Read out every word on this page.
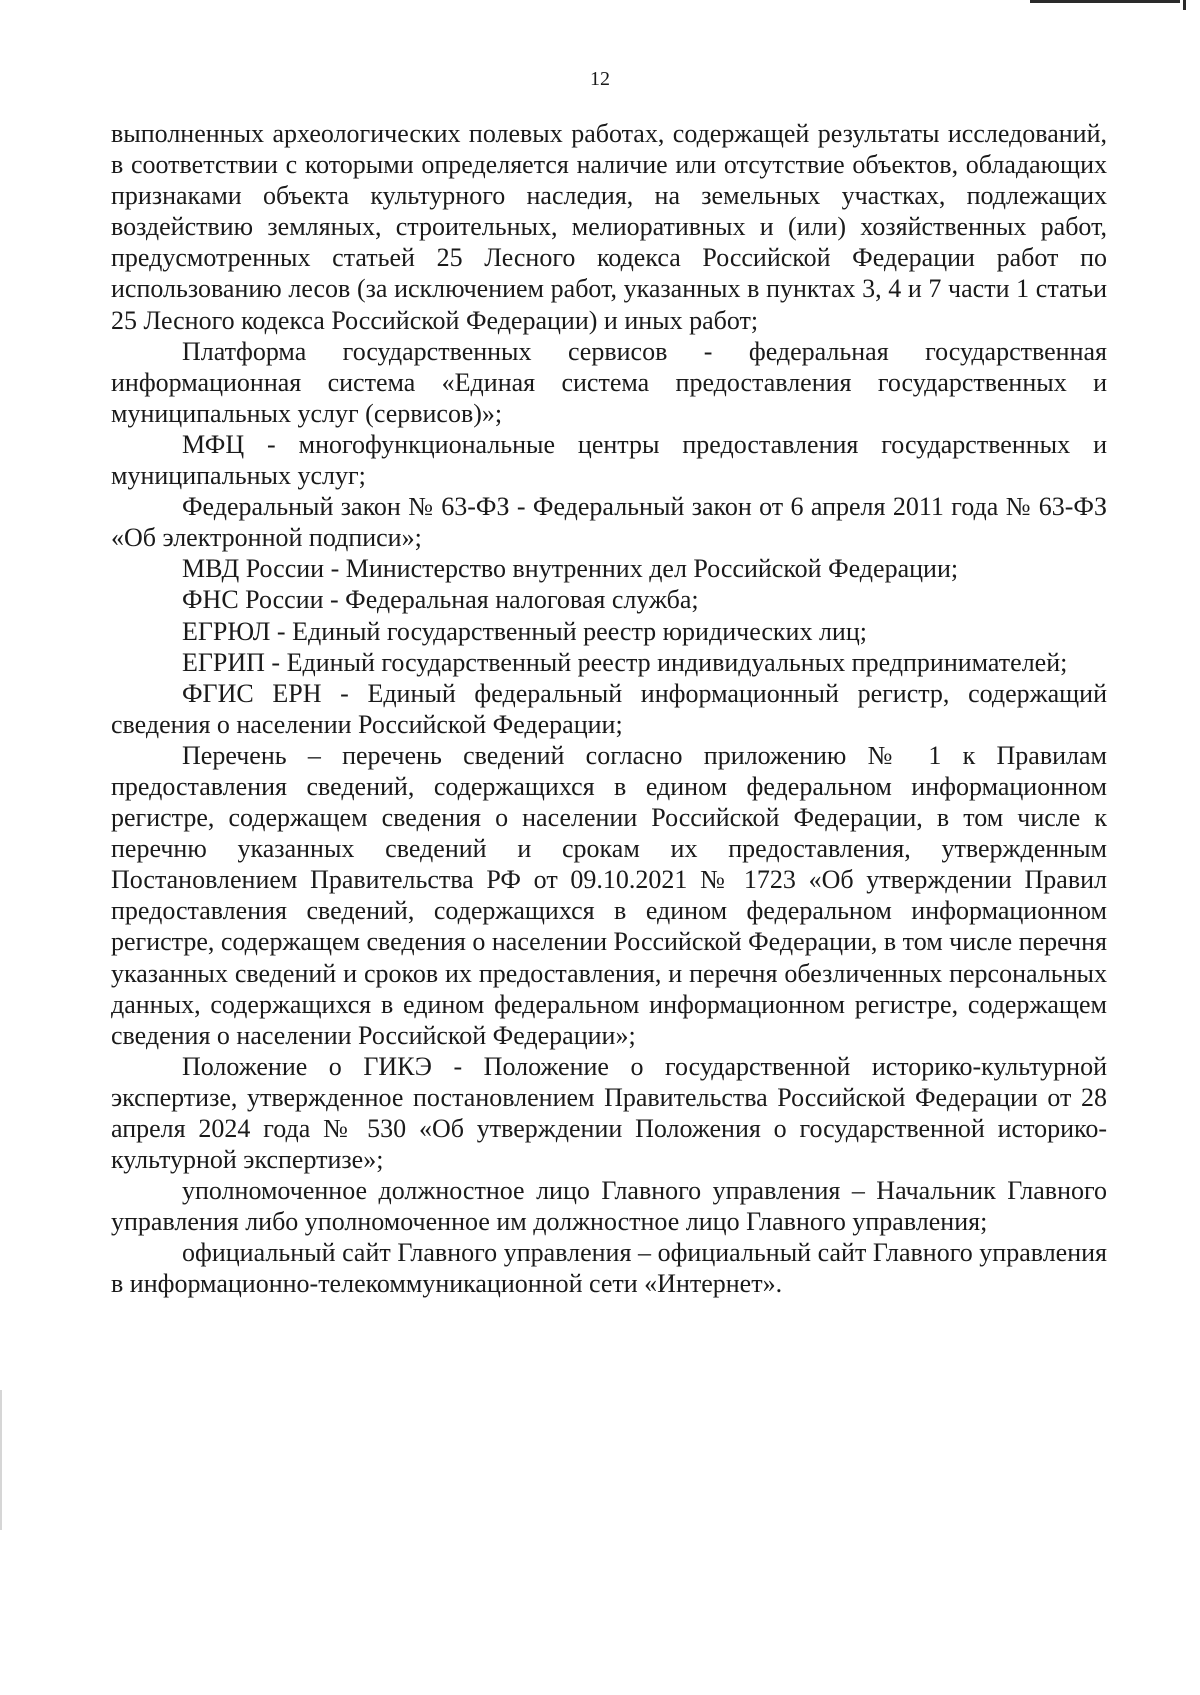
12

выполненных археологических полевых работах, содержащей результаты исследований, в соответствии с которыми определяется наличие или отсутствие объектов, обладающих признаками объекта культурного наследия, на земельных участках, подлежащих воздействию земляных, строительных, мелиоративных и (или) хозяйственных работ, предусмотренных статьей 25 Лесного кодекса Российской Федерации работ по использованию лесов (за исключением работ, указанных в пунктах 3, 4 и 7 части 1 статьи 25 Лесного кодекса Российской Федерации) и иных работ;

Платформа государственных сервисов - федеральная государственная информационная система «Единая система предоставления государственных и муниципальных услуг (сервисов)»;

МФЦ - многофункциональные центры предоставления государственных и муниципальных услуг;

Федеральный закон № 63-ФЗ - Федеральный закон от 6 апреля 2011 года № 63-ФЗ «Об электронной подписи»;

МВД России - Министерство внутренних дел Российской Федерации;

ФНС России - Федеральная налоговая служба;

ЕГРЮЛ - Единый государственный реестр юридических лиц;

ЕГРИП - Единый государственный реестр индивидуальных предпринимателей;

ФГИС ЕРН - Единый федеральный информационный регистр, содержащий сведения о населении Российской Федерации;

Перечень – перечень сведений согласно приложению № 1 к Правилам предоставления сведений, содержащихся в едином федеральном информационном регистре, содержащем сведения о населении Российской Федерации, в том числе к перечню указанных сведений и срокам их предоставления, утвержденным Постановлением Правительства РФ от 09.10.2021 № 1723 «Об утверждении Правил предоставления сведений, содержащихся в едином федеральном информационном регистре, содержащем сведения о населении Российской Федерации, в том числе перечня указанных сведений и сроков их предоставления, и перечня обезличенных персональных данных, содержащихся в едином федеральном информационном регистре, содержащем сведения о населении Российской Федерации»;

Положение о ГИКЭ - Положение о государственной историко-культурной экспертизе, утвержденное постановлением Правительства Российской Федерации от 28 апреля 2024 года № 530 «Об утверждении Положения о государственной историко-культурной экспертизе»;

уполномоченное должностное лицо Главного управления – Начальник Главного управления либо уполномоченное им должностное лицо Главного управления;

официальный сайт Главного управления – официальный сайт Главного управления в информационно-телекоммуникационной сети «Интернет».
